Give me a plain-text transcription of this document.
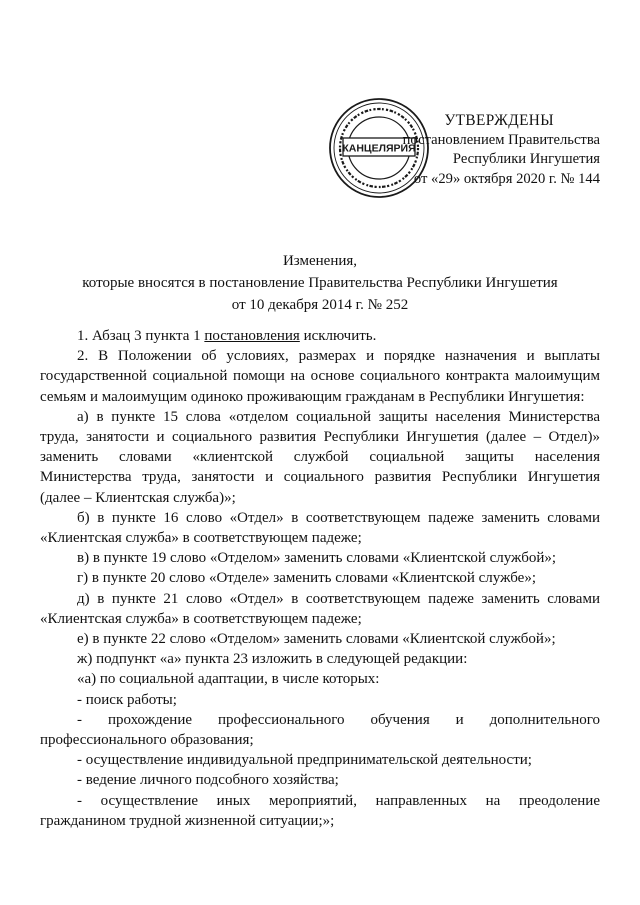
КАНЦЕЛЯРИЯ
УТВЕРЖДЕНЫ
постановлением Правительства
Республики Ингушетия
от «29» октября 2020 г. № 144
Изменения,
которые вносятся в постановление Правительства Республики Ингушетия
от 10 декабря 2014 г. № 252

1. Абзац 3 пункта 1 постановления исключить.

2. В Положении об условиях, размерах и порядке назначения и выплаты

государственной социальной помощи на основе социального контракта малоимущим

семьям и малоимущим одиноко проживающим гражданам в Республики Ингушетия:

а) в пункте 15 слова «отделом социальной защиты населения Министерства

труда, занятости и социального развития Республики Ингушетия (далее – Отдел)»

заменить словами «клиентской службой социальной защиты населения

Министерства труда, занятости и социального развития Республики Ингушетия

(далее – Клиентская служба)»;

б) в пункте 16 слово «Отдел» в соответствующем падеже заменить словами

«Клиентская служба» в соответствующем падеже;

в) в пункте 19 слово «Отделом» заменить словами «Клиентской службой»;

г) в пункте 20 слово «Отделе» заменить словами «Клиентской службе»;

д) в пункте 21 слово «Отдел» в соответствующем падеже заменить словами

«Клиентская служба» в соответствующем падеже;

е) в пункте 22 слово «Отделом» заменить словами «Клиентской службой»;

ж) подпункт «а» пункта 23 изложить в следующей редакции:

«а) по социальной адаптации, в числе которых:

- поиск работы;

- прохождение профессионального обучения и дополнительного

профессионального образования;

- осуществление индивидуальной предпринимательской деятельности;

- ведение личного подсобного хозяйства;

- осуществление иных мероприятий, направленных на преодоление

гражданином трудной жизненной ситуации;»;
